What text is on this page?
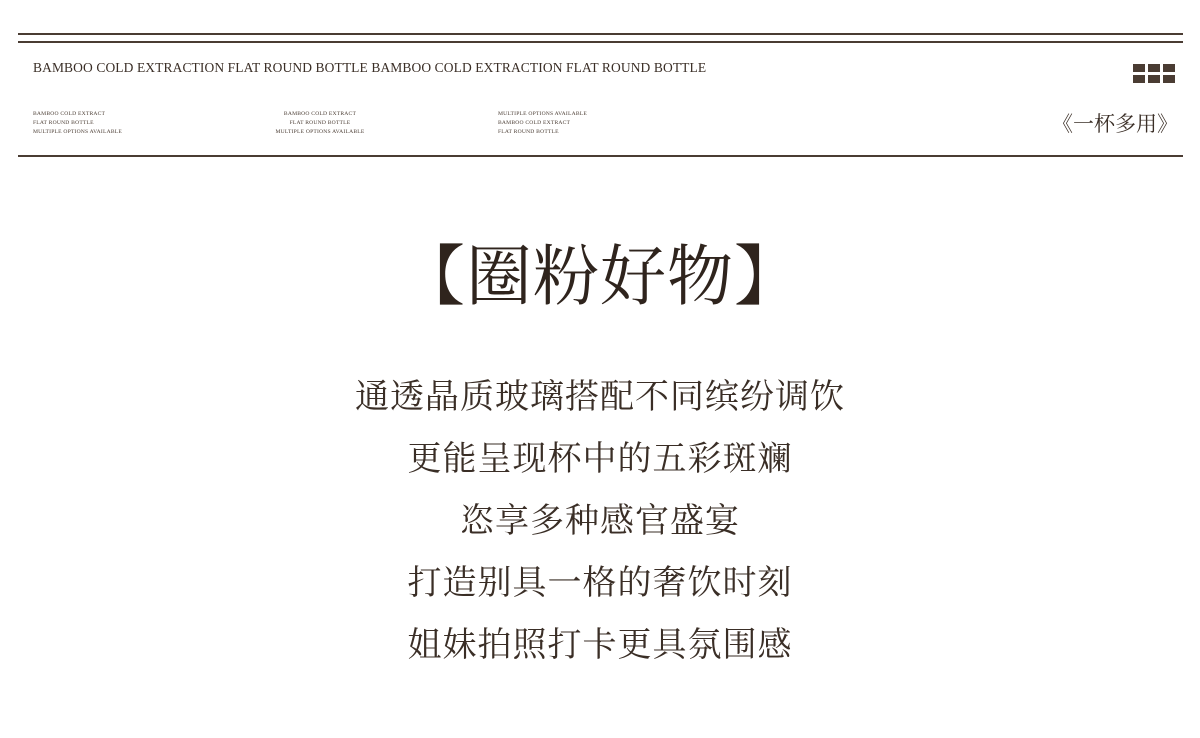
BAMBOO COLD EXTRACTION FLAT ROUND BOTTLE BAMBOO COLD EXTRACTION FLAT ROUND BOTTLE
BAMBOO COLD EXTRACT
FLAT ROUND BOTTLE
MULTIPLE OPTIONS AVAILABLE
BAMBOO COLD EXTRACT
FLAT ROUND BOTTLE
MULTIPLE OPTIONS AVAILABLE
MULTIPLE OPTIONS AVAILABLE
BAMBOO COLD EXTRACT
FLAT ROUND BOTTLE	《一杯多用》
【圈粉好物】
通透晶质玻璃搭配不同缤纷调饮
更能呈现杯中的五彩斑斓
恣享多种感官盛宴
打造别具一格的奢饮时刻
姐妹拍照打卡更具氛围感
